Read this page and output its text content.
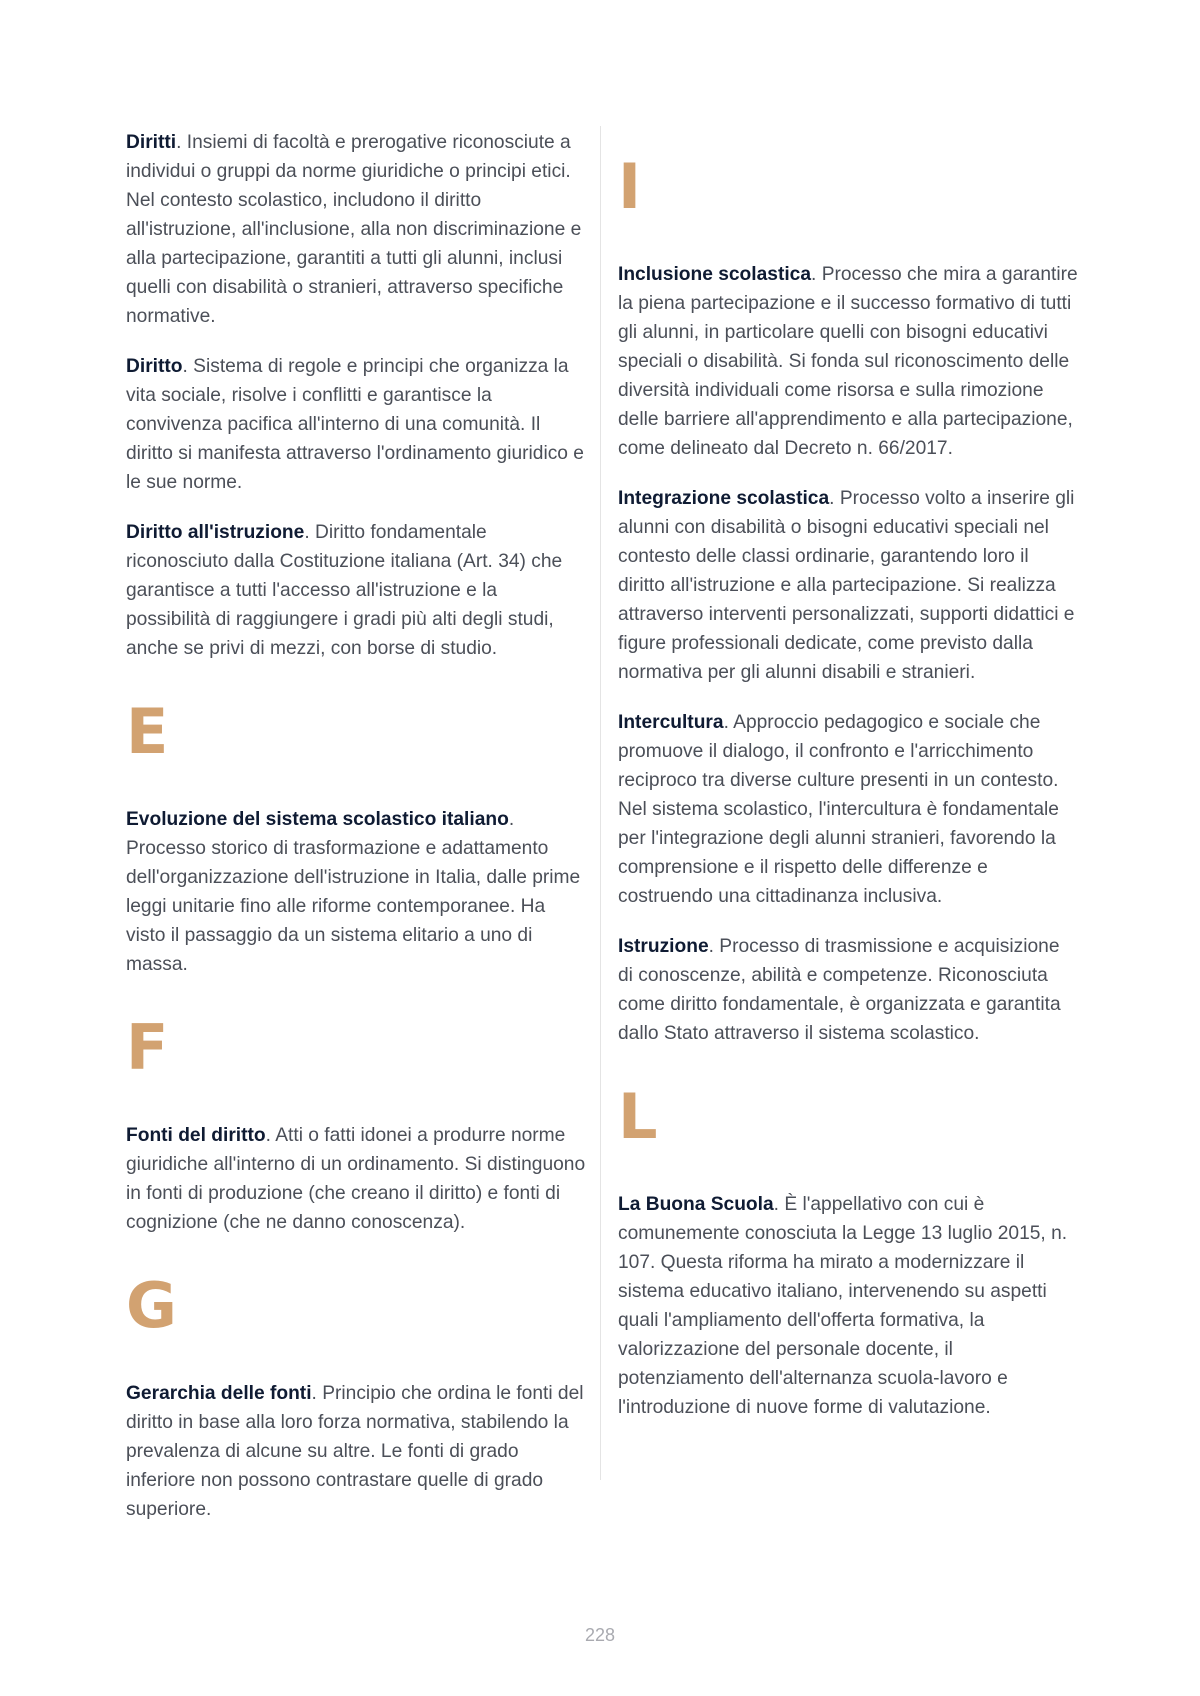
Diritti. Insiemi di facoltà e prerogative riconosciute a individui o gruppi da norme giuridiche o principi etici. Nel contesto scolastico, includono il diritto all'istruzione, all'inclusione, alla non discriminazione e alla partecipazione, garantiti a tutti gli alunni, inclusi quelli con disabilità o stranieri, attraverso specifiche normative.

Diritto. Sistema di regole e principi che organizza la vita sociale, risolve i conflitti e garantisce la convivenza pacifica all'interno di una comunità. Il diritto si manifesta attraverso l'ordinamento giuridico e le sue norme.

Diritto all'istruzione. Diritto fondamentale riconosciuto dalla Costituzione italiana (Art. 34) che garantisce a tutti l'accesso all'istruzione e la possibilità di raggiungere i gradi più alti degli studi, anche se privi di mezzi, con borse di studio.

E

Evoluzione del sistema scolastico italiano. Processo storico di trasformazione e adattamento dell'organizzazione dell'istruzione in Italia, dalle prime leggi unitarie fino alle riforme contemporanee. Ha visto il passaggio da un sistema elitario a uno di massa.

F

Fonti del diritto. Atti o fatti idonei a produrre norme giuridiche all'interno di un ordinamento. Si distinguono in fonti di produzione (che creano il diritto) e fonti di cognizione (che ne danno conoscenza).

G

Gerarchia delle fonti. Principio che ordina le fonti del diritto in base alla loro forza normativa, stabilendo la prevalenza di alcune su altre. Le fonti di grado inferiore non possono contrastare quelle di grado superiore.

I

Inclusione scolastica. Processo che mira a garantire la piena partecipazione e il successo formativo di tutti gli alunni, in particolare quelli con bisogni educativi speciali o disabilità. Si fonda sul riconoscimento delle diversità individuali come risorsa e sulla rimozione delle barriere all'apprendimento e alla partecipazione, come delineato dal Decreto n. 66/2017.

Integrazione scolastica. Processo volto a inserire gli alunni con disabilità o bisogni educativi speciali nel contesto delle classi ordinarie, garantendo loro il diritto all'istruzione e alla partecipazione. Si realizza attraverso interventi personalizzati, supporti didattici e figure professionali dedicate, come previsto dalla normativa per gli alunni disabili e stranieri.

Intercultura. Approccio pedagogico e sociale che promuove il dialogo, il confronto e l'arricchimento reciproco tra diverse culture presenti in un contesto. Nel sistema scolastico, l'intercultura è fondamentale per l'integrazione degli alunni stranieri, favorendo la comprensione e il rispetto delle differenze e costruendo una cittadinanza inclusiva.

Istruzione. Processo di trasmissione e acquisizione di conoscenze, abilità e competenze. Riconosciuta come diritto fondamentale, è organizzata e garantita dallo Stato attraverso il sistema scolastico.

L

La Buona Scuola. È l'appellativo con cui è comunemente conosciuta la Legge 13 luglio 2015, n. 107. Questa riforma ha mirato a modernizzare il sistema educativo italiano, intervenendo su aspetti quali l'ampliamento dell'offerta formativa, la valorizzazione del personale docente, il potenziamento dell'alternanza scuola-lavoro e l'introduzione di nuove forme di valutazione.

228
